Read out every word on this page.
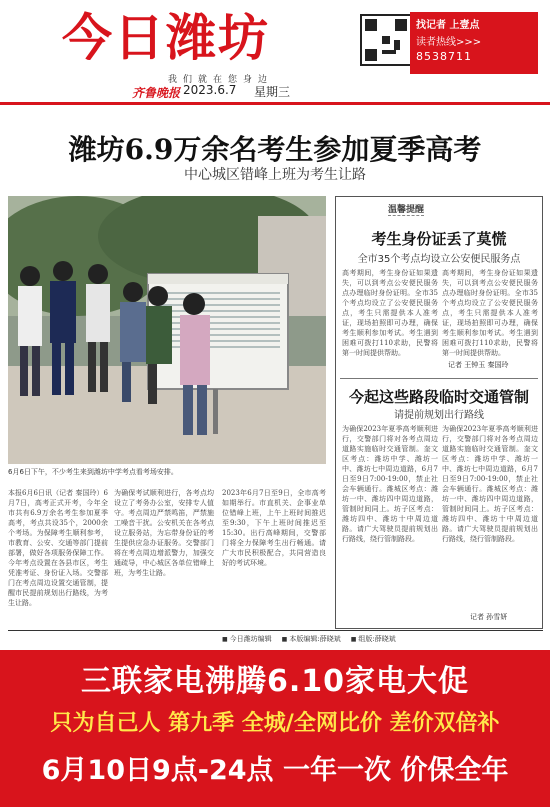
今日潍坊
我们就在您身边
齐鲁晚报 2023.6.7 星期三
找记者 上壹点
读者热线>>>
8538711
潍坊6.9万余名考生参加夏季高考
中心城区错峰上班为考生让路
6月6日下午，不少考生来到潍坊中学考点看考场安排。
本报6月6日讯（记者 秦国玲）6月7日，高考正式开考，今年全市共有6.9万余名考生参加夏季高考，考点共设35个，2000余个考场。为保障考生顺利参考，市教育、公安、交通等部门提前部署，做好各项服务保障工作。今年考点设置在各县市区，考生凭准考证、身份证入场。交警部门在考点周边设置交通管制，提醒市民提前规划出行路线，为考生让路。
为确保考试顺利进行，各考点均设立了考务办公室，安排专人值守。考点周边严禁鸣笛，严禁施工噪音干扰。公安机关在各考点设立服务站，为忘带身份证的考生提供应急办证服务。交警部门将在考点周边增派警力，加强交通疏导，中心城区各单位错峰上班，为考生让路。
2023年6月7日至9日，全市高考如期举行。市直机关、企事业单位错峰上班，上午上班时间推迟至9:30，下午上班时间推迟至15:30。出行高峰期间，交警部门将全力保障考生出行畅通。请广大市民积极配合，共同营造良好的考试环境。
温馨提醒
考生身份证丢了莫慌
全市35个考点均设立公安便民服务点
高考期间，考生身份证如果遗失，可以到考点公安便民服务点办理临时身份证明。全市35个考点均设立了公安便民服务点，考生只需提供本人准考证，现场拍照即可办理，确保考生顺利参加考试。考生遇到困难可拨打110求助，民警将第一时间提供帮助。
高考期间，考生身份证如果遗失，可以到考点公安便民服务点办理临时身份证明。全市35个考点均设立了公安便民服务点，考生只需提供本人准考证，现场拍照即可办理，确保考生顺利参加考试。考生遇到困难可拨打110求助，民警将第一时间提供帮助。
记者 王钟玉 秦国玲
今起这些路段临时交通管制
请提前规划出行路线
为确保2023年夏季高考顺利进行，交警部门将对各考点周边道路实施临时交通管制。奎文区考点：潍坊中学、潍坊一中、潍坊七中周边道路，6月7日至9日7:00-19:00，禁止社会车辆通行。潍城区考点：潍坊一中、潍坊四中周边道路，管制时间同上。坊子区考点：潍坊四中、潍坊十中周边道路。请广大驾驶员提前规划出行路线，绕行管制路段。
为确保2023年夏季高考顺利进行，交警部门将对各考点周边道路实施临时交通管制。奎文区考点：潍坊中学、潍坊一中、潍坊七中周边道路，6月7日至9日7:00-19:00，禁止社会车辆通行。潍城区考点：潍坊一中、潍坊四中周边道路，管制时间同上。坊子区考点：潍坊四中、潍坊十中周边道路。请广大驾驶员提前规划出行路线，绕行管制路段。
记者 孙雪妍
■ 今日潍坊编辑	■ 本版编辑:薛晓斌	■ 组版:薛晓斌
三联家电沸腾6.10家电大促
只为自己人 第九季 全城/全网比价 差价双倍补
6月10日9点-24点 一年一次 价保全年
